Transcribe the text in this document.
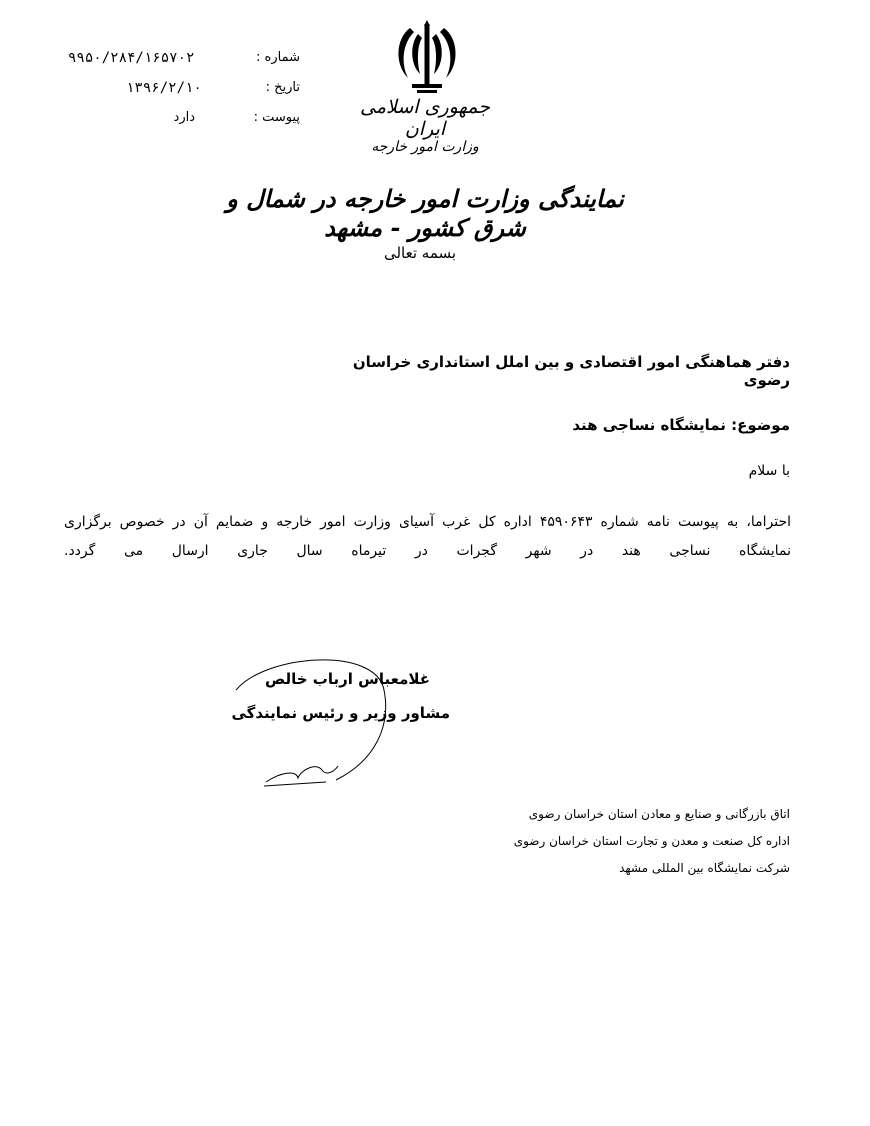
شماره :
۹۹۵۰/۲۸۴/۱۶۵۷۰۲
تاریخ :
۱۳۹۶/۲/۱۰
پیوست :
دارد	جمهوری اسلامی ایران
وزارت امور خارجه
نمایندگی وزارت امور خارجه در شمال و شرق کشور - مشهد
بسمه تعالی
دفتر هماهنگی امور اقتصادی و بین املل استانداری خراسان رضوی
موضوع: نمایشگاه نساجی هند
با سلام
احتراما، به پیوست نامه شماره ۴۵۹۰۶۴۳ اداره کل غرب آسیای وزارت امور خارجه و ضمایم آن در خصوص برگزاری
نمایشگاه نساجی هند در شهر گجرات در تیرماه سال جاری ارسال می گردد.
غلامعباس ارباب خالص
مشاور وزیر و رئیس نمایندگی
اتاق بازرگانی و صنایع و معادن استان خراسان رضوی
اداره کل صنعت و معدن و تجارت استان خراسان رضوی
شرکت نمایشگاه بین المللی مشهد
